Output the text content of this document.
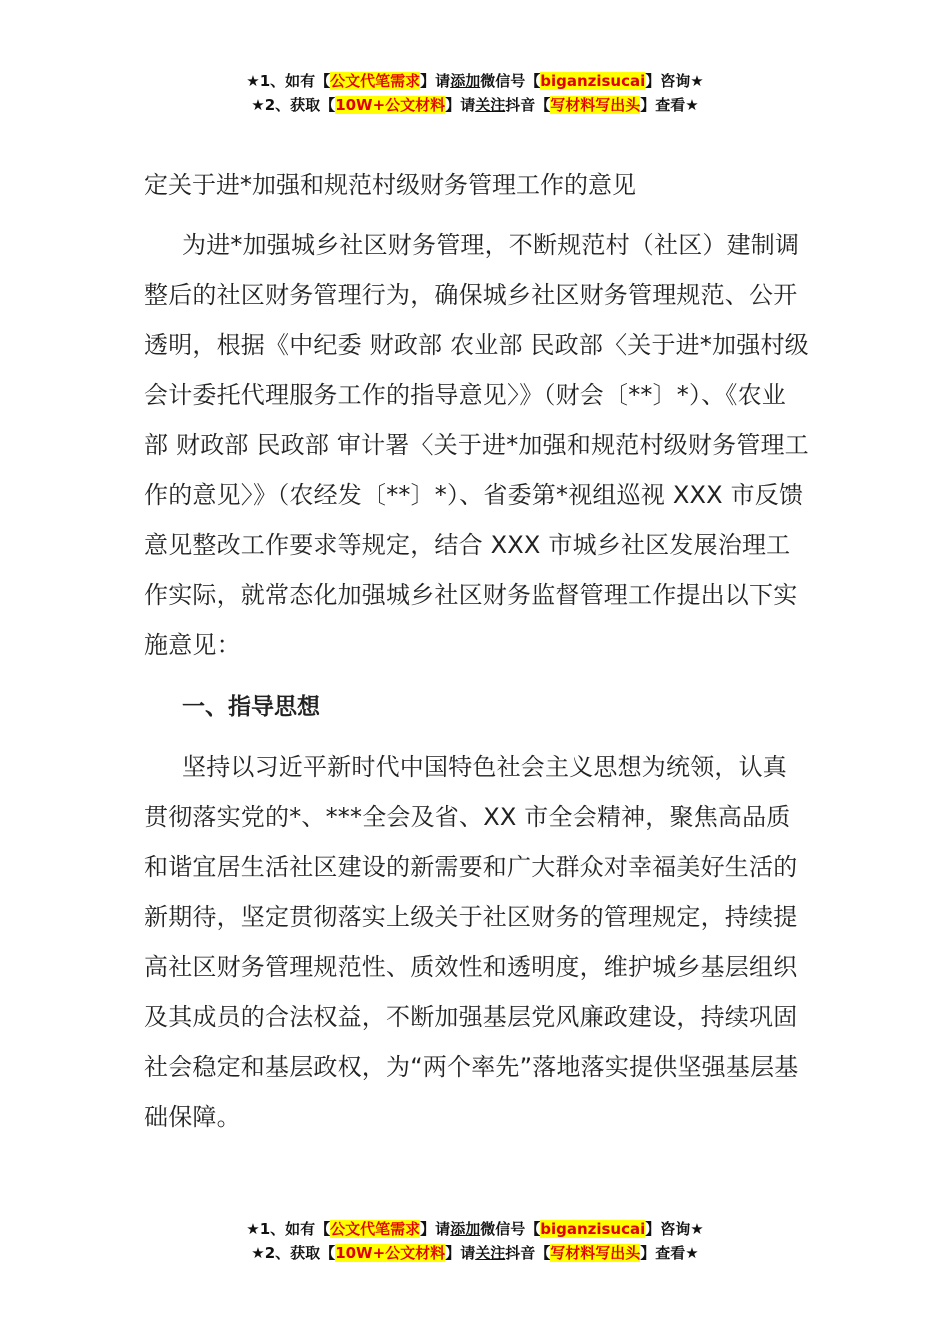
★1、如有【公文代笔需求】请添加微信号【biganzisucai】咨询★
★2、获取【10W+公文材料】请关注抖音【写材料写出头】查看★
定关于进*加强和规范村级财务管理工作的意见

为进*加强城乡社区财务管理，不断规范村（社区）建制调整后的社区财务管理行为，确保城乡社区财务管理规范、公开透明，根据《中纪委 财政部 农业部 民政部〈关于进*加强村级会计委托代理服务工作的指导意见〉》（财会〔**〕*）、《农业部 财政部 民政部 审计署〈关于进*加强和规范村级财务管理工作的意见〉》（农经发〔**〕*）、省委第*视组巡视 XXX 市反馈意见整改工作要求等规定，结合 XXX 市城乡社区发展治理工作实际，就常态化加强城乡社区财务监督管理工作提出以下实施意见：

一、指导思想

坚持以习近平新时代中国特色社会主义思想为统领，认真贯彻落实党的*、***全会及省、XX 市全会精神，聚焦高品质和谐宜居生活社区建设的新需要和广大群众对幸福美好生活的新期待，坚定贯彻落实上级关于社区财务的管理规定，持续提高社区财务管理规范性、质效性和透明度，维护城乡基层组织及其成员的合法权益，不断加强基层党风廉政建设，持续巩固社会稳定和基层政权，为“两个率先”落地落实提供坚强基层基础保障。

★1、如有【公文代笔需求】请添加微信号【biganzisucai】咨询★
★2、获取【10W+公文材料】请关注抖音【写材料写出头】查看★
